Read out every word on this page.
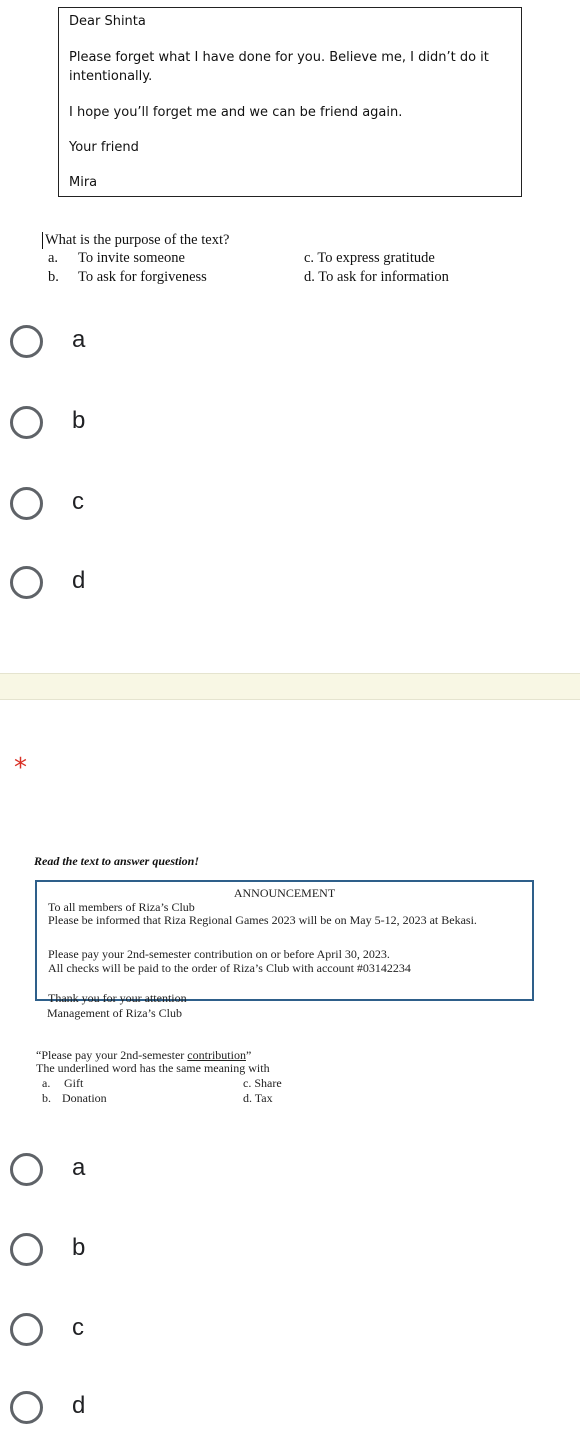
Dear Shinta
Please forget what I have done for you. Believe me, I didn’t do it
intentionally.
I hope you’ll forget me and we can be friend again.
Your friend
Mira
What is the purpose of the text?
a. To invite someone
b. To ask for forgiveness
c. To express gratitude
d. To ask for information
a
b
c
d
*
Read the text to answer question!
ANNOUNCEMENT
To all members of Riza’s Club
Please be informed that Riza Regional Games 2023 will be on May 5-12, 2023 at Bekasi.
Please pay your 2nd-semester contribution on or before April 30, 2023.
All checks will be paid to the order of Riza’s Club with account #03142234
Thank you for your attention
Management of Riza’s Club
“Please pay your 2nd-semester contribution”
The underlined word has the same meaning with
a. Gift
b. Donation
c. Share
d. Tax
a
b
c
d
